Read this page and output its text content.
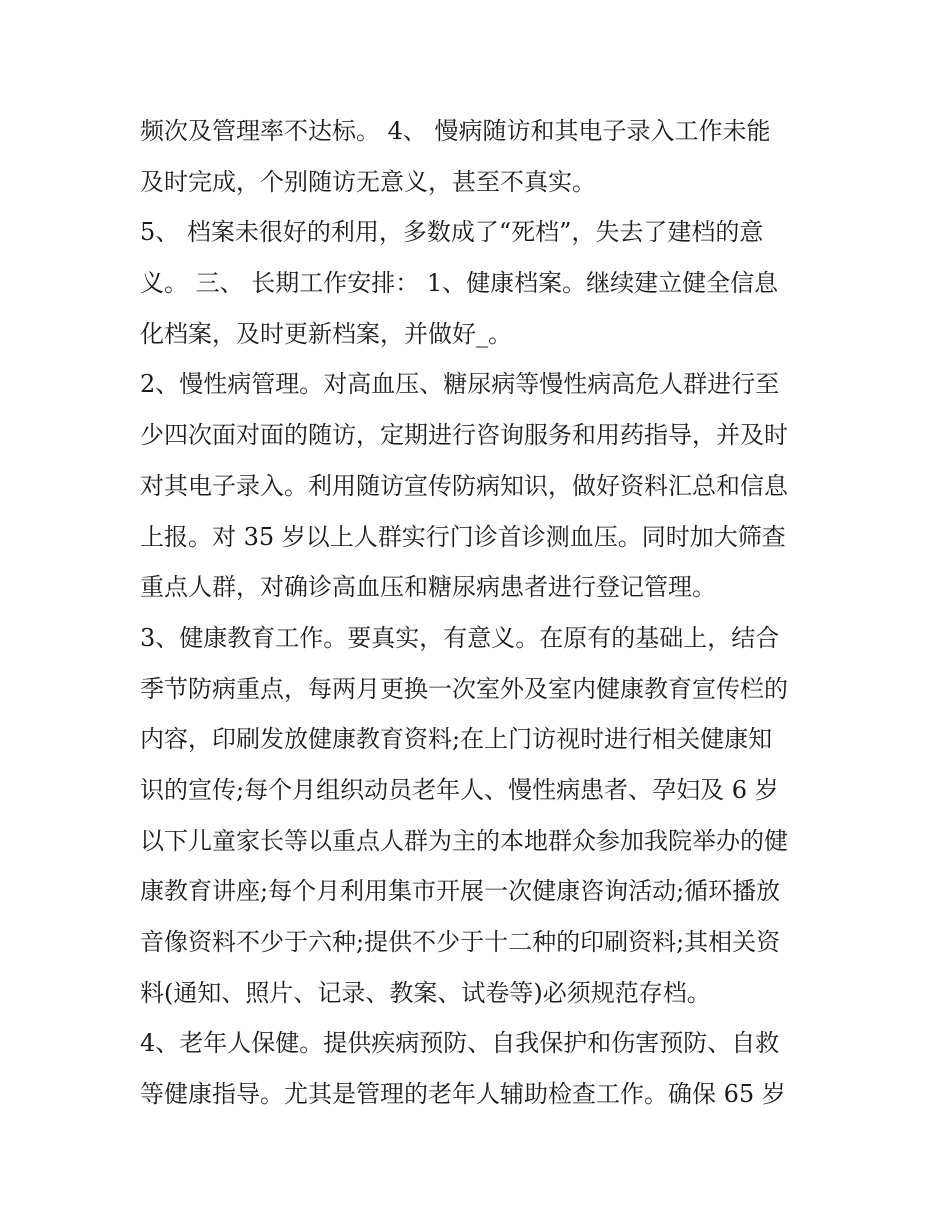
频次及管理率不达标。 4、 慢病随访和其电子录入工作未能
及时完成，个别随访无意义，甚至不真实。
5、 档案未很好的利用，多数成了“死档”，失去了建档的意
义。 三、 长期工作安排： 1、健康档案。继续建立健全信息
化档案，及时更新档案，并做好_。
2、慢性病管理。对高血压、糖尿病等慢性病高危人群进行至
少四次面对面的随访，定期进行咨询服务和用药指导，并及时
对其电子录入。利用随访宣传防病知识，做好资料汇总和信息
上报。对 35 岁以上人群实行门诊首诊测血压。同时加大筛查
重点人群，对确诊高血压和糖尿病患者进行登记管理。
3、健康教育工作。要真实，有意义。在原有的基础上，结合
季节防病重点，每两月更换一次室外及室内健康教育宣传栏的
内容，印刷发放健康教育资料;在上门访视时进行相关健康知
识的宣传;每个月组织动员老年人、慢性病患者、孕妇及 6 岁
以下儿童家长等以重点人群为主的本地群众参加我院举办的健
康教育讲座;每个月利用集市开展一次健康咨询活动;循环播放
音像资料不少于六种;提供不少于十二种的印刷资料;其相关资
料(通知、照片、记录、教案、试卷等)必须规范存档。
4、老年人保健。提供疾病预防、自我保护和伤害预防、自救
等健康指导。尤其是管理的老年人辅助检查工作。确保 65 岁
